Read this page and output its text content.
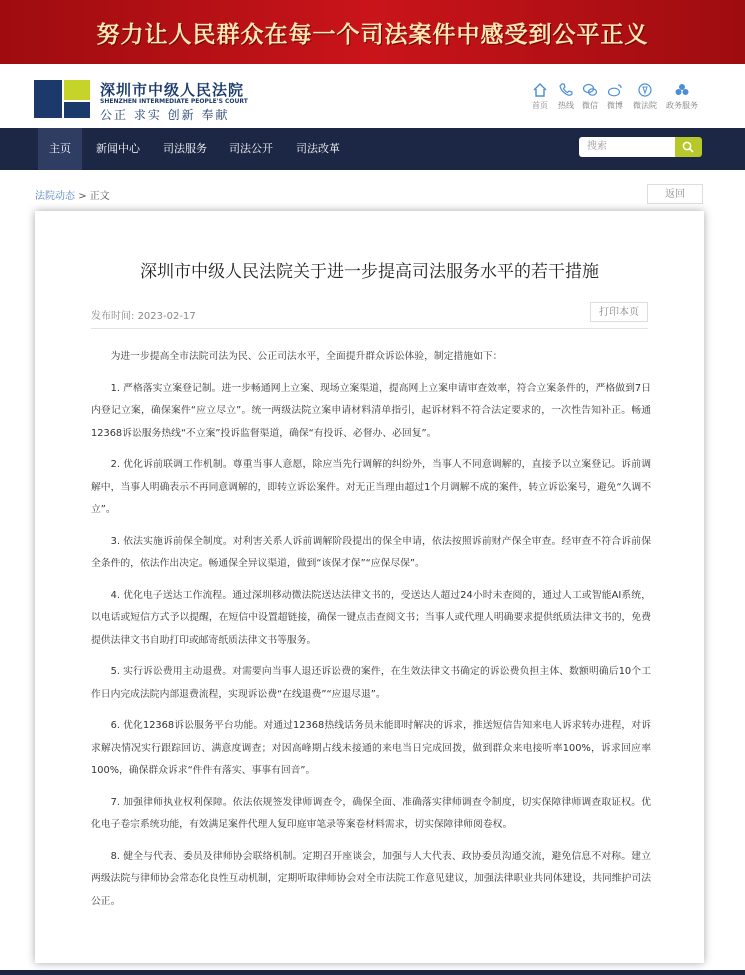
努力让人民群众在每一个司法案件中感受到公平正义
深圳市中级人民法院
SHENZHEN INTERMEDIATE PEOPLE'S COURT
公正 求实 创新 奉献
首页	热线	微信	微博	微法院	政务服务
主页	新闻中心 司法服务 司法公开 司法改革	搜索
法院动态 > 正文	返回
深圳市中级人民法院关于进一步提高司法服务水平的若干措施
发布时间: 2023-02-17	打印本页

为进一步提高全市法院司法为民、公正司法水平，全面提升群众诉讼体验，制定措施如下：

1. 严格落实立案登记制。进一步畅通网上立案、现场立案渠道，提高网上立案申请审查效率，符合立案条件的，严格做到7日内登记立案，确保案件“应立尽立”。统一两级法院立案申请材料清单指引，起诉材料不符合法定要求的，一次性告知补正。畅通12368诉讼服务热线“不立案”投诉监督渠道，确保“有投诉、必督办、必回复”。

2. 优化诉前联调工作机制。尊重当事人意愿，除应当先行调解的纠纷外，当事人不同意调解的，直接予以立案登记。诉前调解中，当事人明确表示不再同意调解的，即转立诉讼案件。对无正当理由超过1个月调解不成的案件，转立诉讼案号，避免“久调不立”。

3. 依法实施诉前保全制度。对利害关系人诉前调解阶段提出的保全申请，依法按照诉前财产保全审查。经审查不符合诉前保全条件的，依法作出决定。畅通保全异议渠道，做到“该保才保”“应保尽保”。

4. 优化电子送达工作流程。通过深圳移动微法院送达法律文书的，受送达人超过24小时未查阅的，通过人工或智能AI系统，以电话或短信方式予以提醒，在短信中设置超链接，确保一键点击查阅文书；当事人或代理人明确要求提供纸质法律文书的，免费提供法律文书自助打印或邮寄纸质法律文书等服务。

5. 实行诉讼费用主动退费。对需要向当事人退还诉讼费的案件，在生效法律文书确定的诉讼费负担主体、数额明确后10个工作日内完成法院内部退费流程，实现诉讼费“在线退费”“应退尽退”。

6. 优化12368诉讼服务平台功能。对通过12368热线话务员未能即时解决的诉求，推送短信告知来电人诉求转办进程，对诉求解决情况实行跟踪回访、满意度调查；对因高峰期占线未接通的来电当日完成回拨，做到群众来电接听率100%，诉求回应率100%，确保群众诉求“件件有落实、事事有回音”。

7. 加强律师执业权利保障。依法依规签发律师调查令，确保全面、准确落实律师调查令制度，切实保障律师调查取证权。优化电子卷宗系统功能，有效满足案件代理人复印庭审笔录等案卷材料需求，切实保障律师阅卷权。

8. 健全与代表、委员及律师协会联络机制。定期召开座谈会，加强与人大代表、政协委员沟通交流，避免信息不对称。建立两级法院与律师协会常态化良性互动机制，定期听取律师协会对全市法院工作意见建议，加强法律职业共同体建设，共同维护司法公正。
